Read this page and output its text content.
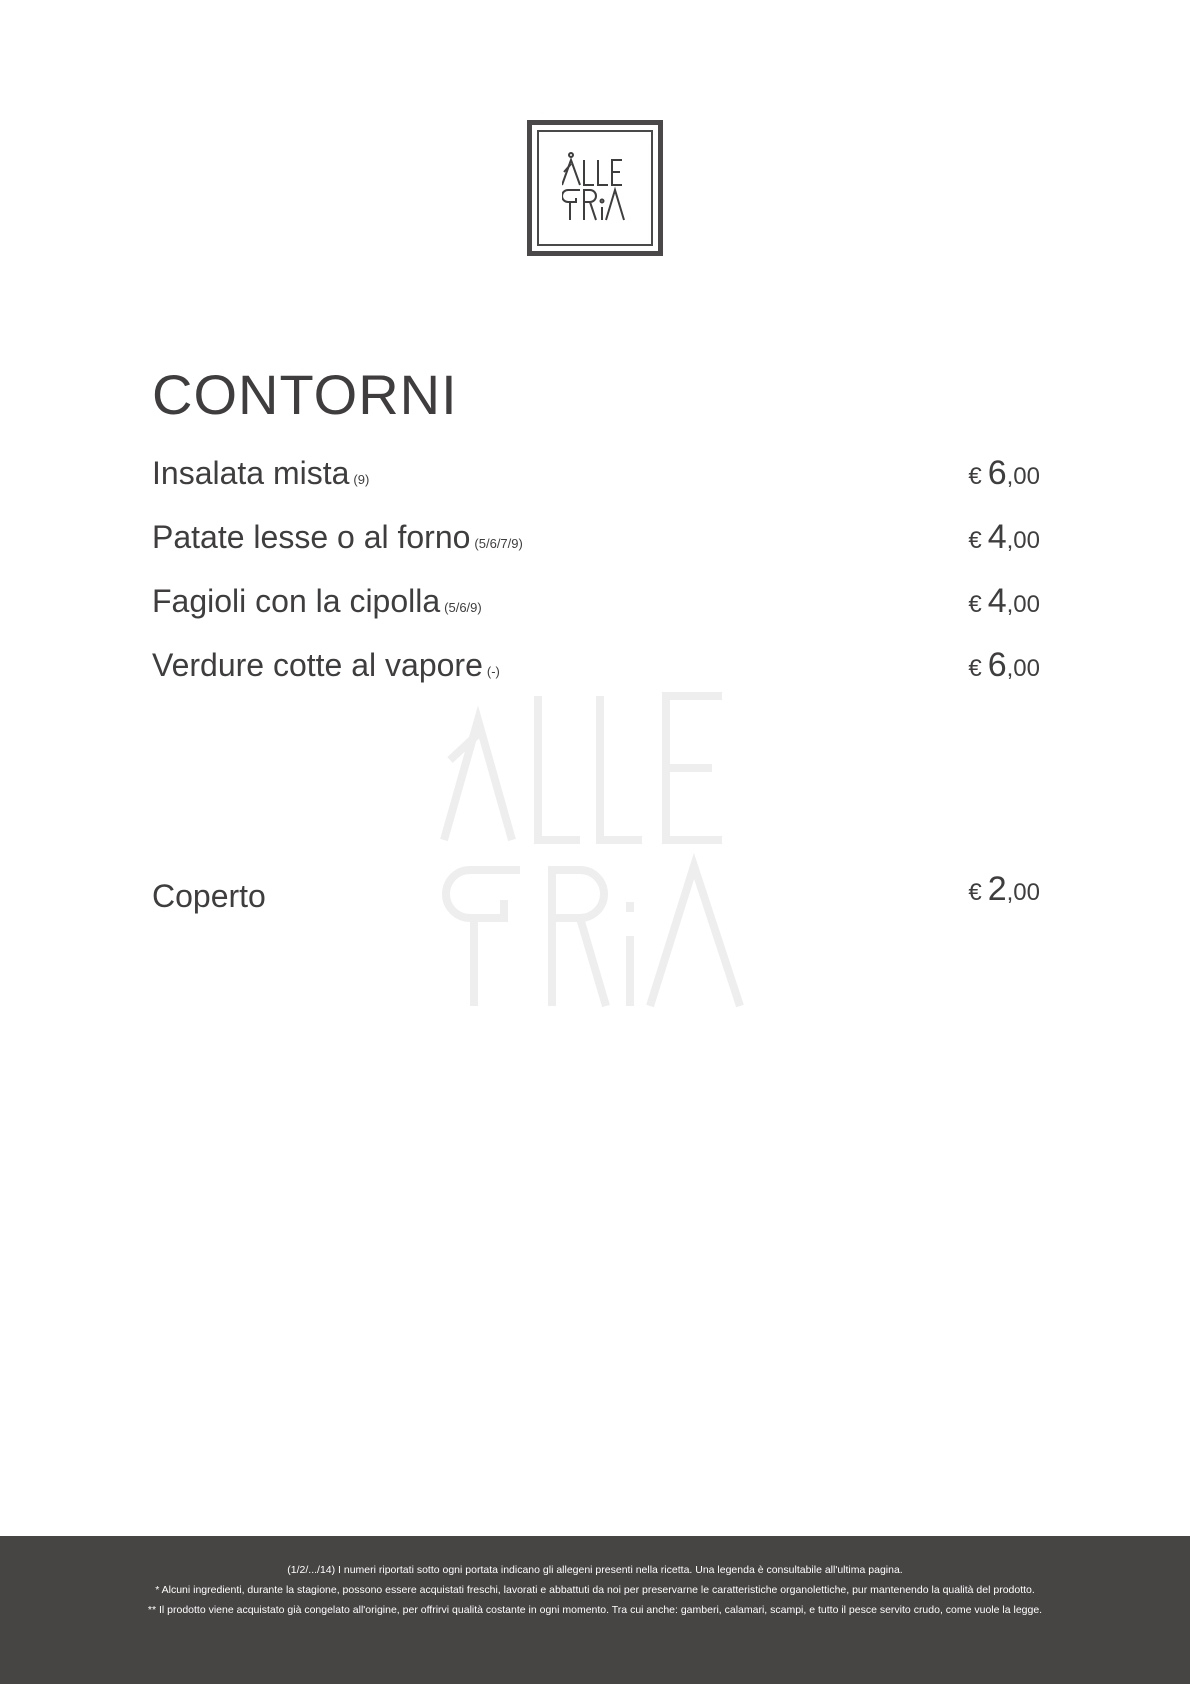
CONTORNI
Insalata mista (9)	€ 6,00
Patate lesse o al forno (5/6/7/9)	€ 4,00
Fagioli con la cipolla (5/6/9)	€ 4,00
Verdure cotte al vapore (-)	€ 6,00
Coperto	€ 2,00

(1/2/.../14) I numeri riportati sotto ogni portata indicano gli allegeni presenti nella ricetta. Una legenda è consultabile all'ultima pagina.

* Alcuni ingredienti, durante la stagione, possono essere acquistati freschi, lavorati e abbattuti da noi per preservarne le caratteristiche organolettiche, pur mantenendo la qualità del prodotto.

** Il prodotto viene acquistato già congelato all'origine, per offrirvi qualità costante in ogni momento. Tra cui anche: gamberi, calamari, scampi, e tutto il pesce servito crudo, come vuole la legge.
